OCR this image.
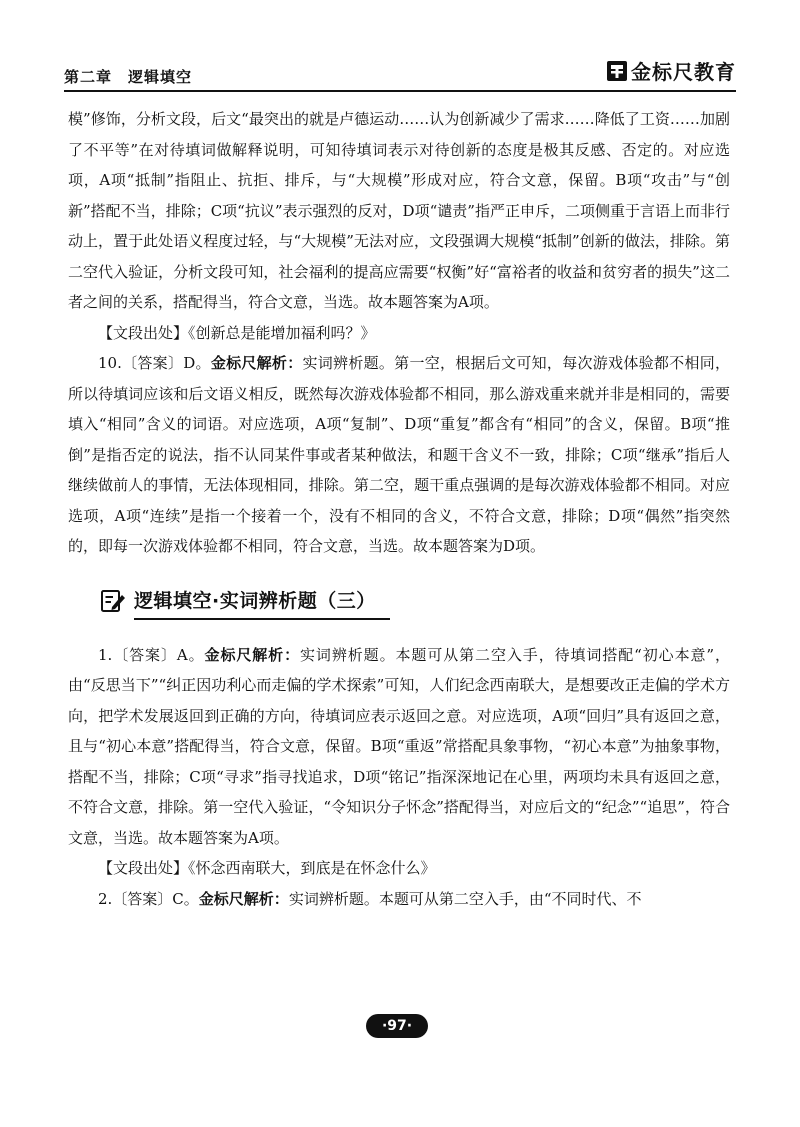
第二章　逻辑填空	金标尺教育

模”修饰，分析文段，后文“最突出的就是卢德运动……认为创新减少了需求……降低了工资……加剧了不平等”在对待填词做解释说明，可知待填词表示对待创新的态度是极其反感、否定的。对应选项，A项“抵制”指阻止、抗拒、排斥，与“大规模”形成对应，符合文意，保留。B项“攻击”与“创新”搭配不当，排除；C项“抗议”表示强烈的反对，D项“谴责”指严正申斥，二项侧重于言语上而非行动上，置于此处语义程度过轻，与“大规模”无法对应，文段强调大规模“抵制”创新的做法，排除。第二空代入验证，分析文段可知，社会福利的提高应需要“权衡”好“富裕者的收益和贫穷者的损失”这二者之间的关系，搭配得当，符合文意，当选。故本题答案为A项。

【文段出处】《创新总是能增加福利吗？》

10.〔答案〕D。金标尺解析：实词辨析题。第一空，根据后文可知，每次游戏体验都不相同，所以待填词应该和后文语义相反，既然每次游戏体验都不相同，那么游戏重来就并非是相同的，需要填入“相同”含义的词语。对应选项，A项“复制”、D项“重复”都含有“相同”的含义，保留。B项“推倒”是指否定的说法，指不认同某件事或者某种做法，和题干含义不一致，排除；C项“继承”指后人继续做前人的事情，无法体现相同，排除。第二空，题干重点强调的是每次游戏体验都不相同。对应选项，A项“连续”是指一个接着一个，没有不相同的含义，不符合文意，排除；D项“偶然”指突然的，即每一次游戏体验都不相同，符合文意，当选。故本题答案为D项。

逻辑填空·实词辨析题（三）

1.〔答案〕A。金标尺解析：实词辨析题。本题可从第二空入手，待填词搭配“初心本意”，由“反思当下”“纠正因功利心而走偏的学术探索”可知，人们纪念西南联大，是想要改正走偏的学术方向，把学术发展返回到正确的方向，待填词应表示返回之意。对应选项，A项“回归”具有返回之意，且与“初心本意”搭配得当，符合文意，保留。B项“重返”常搭配具象事物，“初心本意”为抽象事物，搭配不当，排除；C项“寻求”指寻找追求，D项“铭记”指深深地记在心里，两项均未具有返回之意，不符合文意，排除。第一空代入验证，“令知识分子怀念”搭配得当，对应后文的“纪念”“追思”，符合文意，当选。故本题答案为A项。

【文段出处】《怀念西南联大，到底是在怀念什么》

2.〔答案〕C。金标尺解析：实词辨析题。本题可从第二空入手，由“不同时代、不

·97·
